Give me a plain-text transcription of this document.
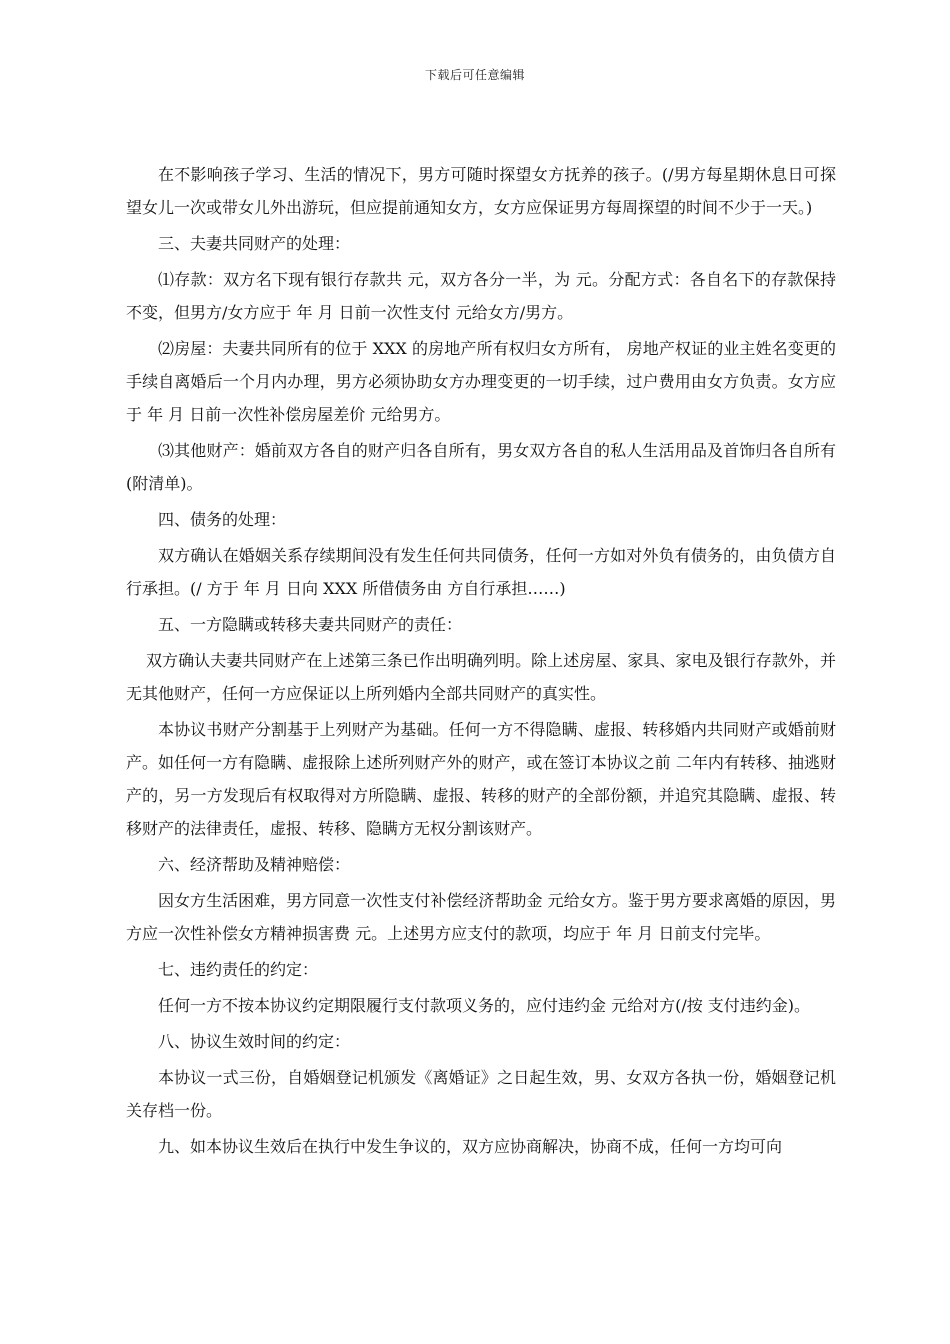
下载后可任意编辑

在不影响孩子学习、生活的情况下，男方可随时探望女方抚养的孩子。(/男方每星期休息日可探望女儿一次或带女儿外出游玩，但应提前通知女方，女方应保证男方每周探望的时间不少于一天。)

三、夫妻共同财产的处理：

⑴存款：双方名下现有银行存款共 元，双方各分一半，为 元。分配方式：各自名下的存款保持不变，但男方/女方应于 年 月 日前一次性支付 元给女方/男方。

⑵房屋：夫妻共同所有的位于 XXX 的房地产所有权归女方所有， 房地产权证的业主姓名变更的手续自离婚后一个月内办理，男方必须协助女方办理变更的一切手续，过户费用由女方负责。女方应于 年 月 日前一次性补偿房屋差价 元给男方。

⑶其他财产：婚前双方各自的财产归各自所有，男女双方各自的私人生活用品及首饰归各自所有(附清单)。

四、债务的处理：

双方确认在婚姻关系存续期间没有发生任何共同债务，任何一方如对外负有债务的，由负债方自行承担。(/ 方于 年 月 日向 XXX 所借债务由 方自行承担……)

五、一方隐瞒或转移夫妻共同财产的责任：

双方确认夫妻共同财产在上述第三条已作出明确列明。除上述房屋、家具、家电及银行存款外，并无其他财产，任何一方应保证以上所列婚内全部共同财产的真实性。

本协议书财产分割基于上列财产为基础。任何一方不得隐瞒、虚报、转移婚内共同财产或婚前财产。如任何一方有隐瞒、虚报除上述所列财产外的财产，或在签订本协议之前 二年内有转移、抽逃财产的，另一方发现后有权取得对方所隐瞒、虚报、转移的财产的全部份额，并追究其隐瞒、虚报、转移财产的法律责任，虚报、转移、隐瞒方无权分割该财产。

六、经济帮助及精神赔偿：

因女方生活困难，男方同意一次性支付补偿经济帮助金 元给女方。鉴于男方要求离婚的原因，男方应一次性补偿女方精神损害费 元。上述男方应支付的款项，均应于 年 月 日前支付完毕。

七、违约责任的约定：

任何一方不按本协议约定期限履行支付款项义务的，应付违约金 元给对方(/按 支付违约金)。

八、协议生效时间的约定：

本协议一式三份，自婚姻登记机颁发《离婚证》之日起生效，男、女双方各执一份，婚姻登记机关存档一份。

九、如本协议生效后在执行中发生争议的，双方应协商解决，协商不成，任何一方均可向
